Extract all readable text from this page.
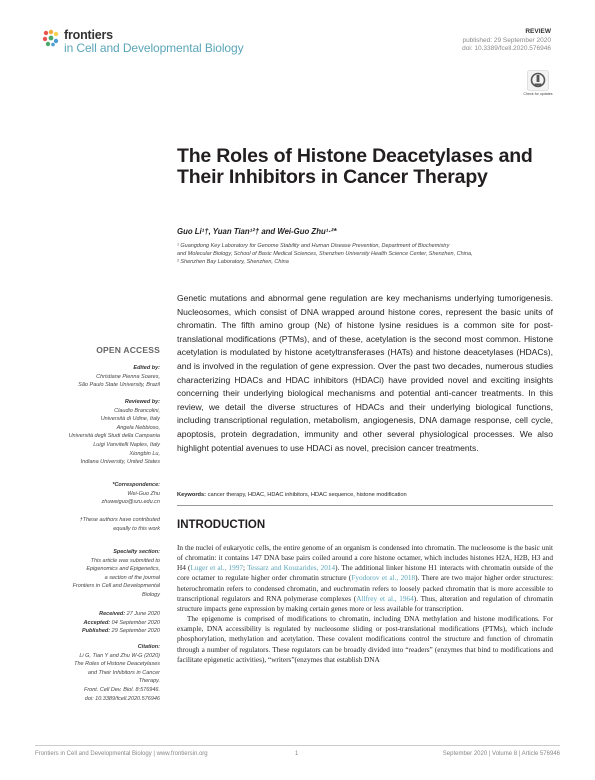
frontiers
in Cell and Developmental Biology
REVIEW
published: 29 September 2020
doi: 10.3389/fcell.2020.576946
Check for updates
The Roles of Histone Deacetylases and Their Inhibitors in Cancer Therapy
Guo Li¹†, Yuan Tian¹²† and Wei-Guo Zhu¹·²*
¹ Guangdong Key Laboratory for Genome Stability and Human Disease Prevention, Department of Biochemistry
and Molecular Biology, School of Basic Medical Sciences, Shenzhen University Health Science Center, Shenzhen, China,
² Shenzhen Bay Laboratory, Shenzhen, China
Genetic mutations and abnormal gene regulation are key mechanisms underlying tumorigenesis. Nucleosomes, which consist of DNA wrapped around histone cores, represent the basic units of chromatin. The fifth amino group (Nε) of histone lysine residues is a common site for post-translational modifications (PTMs), and of these, acetylation is the second most common. Histone acetylation is modulated by histone acetyltransferases (HATs) and histone deacetylases (HDACs), and is involved in the regulation of gene expression. Over the past two decades, numerous studies characterizing HDACs and HDAC inhibitors (HDACi) have provided novel and exciting insights concerning their underlying biological mechanisms and potential anti-cancer treatments. In this review, we detail the diverse structures of HDACs and their underlying biological functions, including transcriptional regulation, metabolism, angiogenesis, DNA damage response, cell cycle, apoptosis, protein degradation, immunity and other several physiological processes. We also highlight potential avenues to use HDACi as novel, precision cancer treatments.
Keywords: cancer therapy, HDAC, HDAC inhibitors, HDAC sequence, histone modification
INTRODUCTION

In the nuclei of eukaryotic cells, the entire genome of an organism is condensed into chromatin. The nucleosome is the basic unit of chromatin: it contains 147 DNA base pairs coiled around a core histone octamer, which includes histones H2A, H2B, H3 and H4 (Luger et al., 1997; Tessarz and Kouzarides, 2014). The additional linker histone H1 interacts with chromatin outside of the core octamer to regulate higher order chromatin structure (Fyodorov et al., 2018). There are two major higher order structures: heterochromatin refers to condensed chromatin, and euchromatin refers to loosely packed chromatin that is more accessible to transcriptional regulators and RNA polymerase complexes (Allfrey et al., 1964). Thus, alteration and regulation of chromatin structure impacts gene expression by making certain genes more or less available for transcription.

The epigenome is comprised of modifications to chromatin, including DNA methylation and histone modifications. For example, DNA accessibility is regulated by nucleosome sliding or post-translational modifications (PTMs), which include phosphorylation, methylation and acetylation. These covalent modifications control the structure and function of chromatin through a number of regulators. These regulators can be broadly divided into “readers” (enzymes that bind to modifications and facilitate epigenetic activities), “writers”(enzymes that establish DNA

OPEN ACCESS
Edited by:
Christiane Pienna Soares,
São Paulo State University, Brazil
Reviewed by:
Claudio Brancolini,
Università di Udine, Italy
Angela Nebbioso,
Università degli Studi della Campania
Luigi Vanvitelli Naples, Italy
Xiongbin Lu,
Indiana University, United States
*Correspondence:
Wei-Guo Zhu
zhuweiguo@szu.edu.cn
†These authors have contributed
equally to this work
Specialty section:
This article was submitted to
Epigenomics and Epigenetics,
a section of the journal
Frontiers in Cell and Developmental
Biology
Received: 27 June 2020
Accepted: 04 September 2020
Published: 29 September 2020
Citation:
Li G, Tian Y and Zhu W-G (2020)
The Roles of Histone Deacetylases
and Their Inhibitors in Cancer
Therapy.
Front. Cell Dev. Biol. 8:576946.
doi: 10.3389/fcell.2020.576946
Frontiers in Cell and Developmental Biology | www.frontiersin.org	1	September 2020 | Volume 8 | Article 576946
